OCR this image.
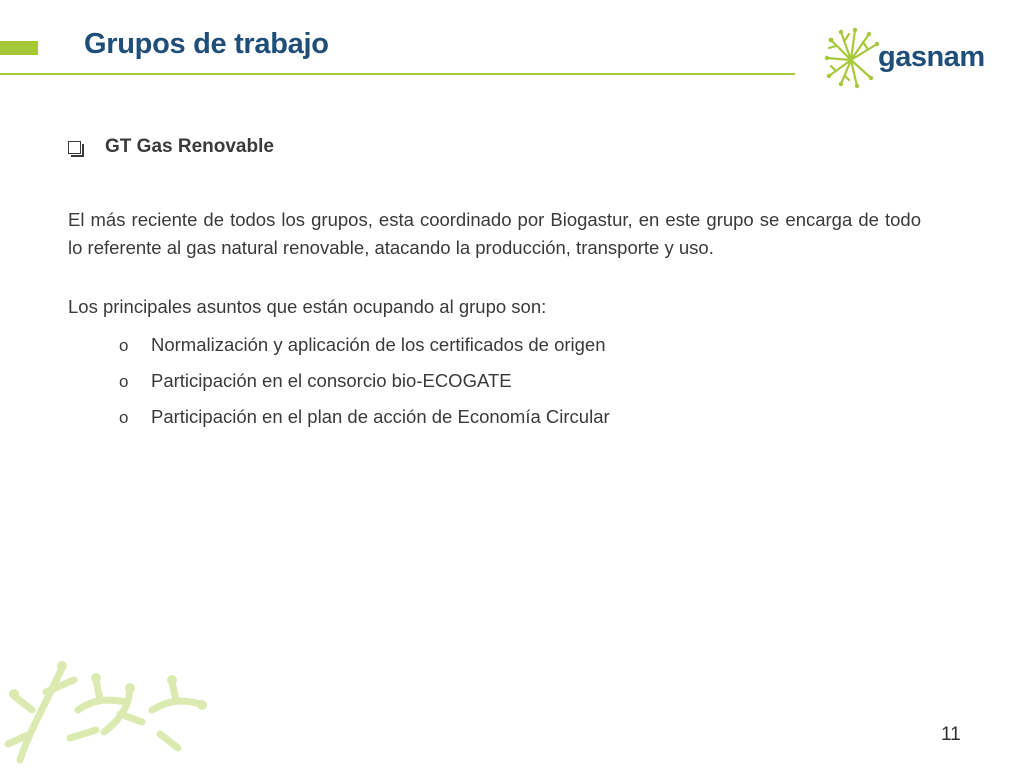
Grupos de trabajo	gasnam
GT Gas Renovable

El más reciente de todos los grupos, esta coordinado por Biogastur, en este grupo se encarga de todo lo referente al gas natural renovable, atacando la producción, transporte y uso.

Los principales asuntos que están ocupando al grupo son:

o Normalización y aplicación de los certificados de origen
o Participación en el consorcio bio-ECOGATE
o Participación en el plan de acción de Economía Circular
11
